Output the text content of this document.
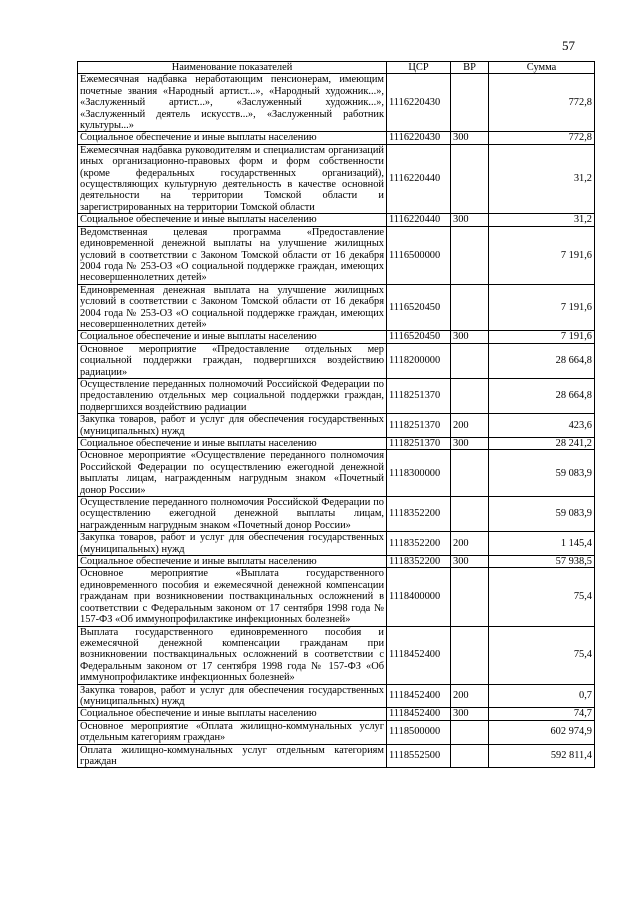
57
Наименование показателей	ЦСР	ВР	Сумма
Ежемесячная надбавка неработающим пенсионерам, имеющим почетные звания «Народный артист...», «Народный художник...», «Заслуженный артист...», «Заслуженный художник...», «Заслуженный деятель искусств...», «Заслуженный работник культуры...»	1116220430		772,8
Социальное обеспечение и иные выплаты населению	1116220430	300	772,8
Ежемесячная надбавка руководителям и специалистам организаций иных организационно-правовых форм и форм собственности (кроме федеральных государственных организаций), осуществляющих культурную деятельность в качестве основной деятельности на территории Томской области и зарегистрированных на территории Томской области	1116220440		31,2
Социальное обеспечение и иные выплаты населению	1116220440	300	31,2
Ведомственная целевая программа «Предоставление единовременной денежной выплаты на улучшение жилищных условий в соответствии с Законом Томской области от 16 декабря 2004 года № 253-ОЗ «О социальной поддержке граждан, имеющих несовершеннолетних детей»	1116500000		7 191,6
Единовременная денежная выплата на улучшение жилищных условий в соответствии с Законом Томской области от 16 декабря 2004 года № 253-ОЗ «О социальной поддержке граждан, имеющих несовершеннолетних детей»	1116520450		7 191,6
Социальное обеспечение и иные выплаты населению	1116520450	300	7 191,6
Основное мероприятие «Предоставление отдельных мер социальной поддержки граждан, подвергшихся воздействию радиации»	1118200000		28 664,8
Осуществление переданных полномочий Российской Федерации по предоставлению отдельных мер социальной поддержки граждан, подвергшихся воздействию радиации	1118251370		28 664,8
Закупка товаров, работ и услуг для обеспечения государственных (муниципальных) нужд	1118251370	200	423,6
Социальное обеспечение и иные выплаты населению	1118251370	300	28 241,2
Основное мероприятие «Осуществление переданного полномочия Российской Федерации по осуществлению ежегодной денежной выплаты лицам, награжденным нагрудным знаком «Почетный донор России»	1118300000		59 083,9
Осуществление переданного полномочия Российской Федерации по осуществлению ежегодной денежной выплаты лицам, награжденным нагрудным знаком «Почетный донор России»	1118352200		59 083,9
Закупка товаров, работ и услуг для обеспечения государственных (муниципальных) нужд	1118352200	200	1 145,4
Социальное обеспечение и иные выплаты населению	1118352200	300	57 938,5
Основное мероприятие «Выплата государственного единовременного пособия и ежемесячной денежной компенсации гражданам при возникновении поствакцинальных осложнений в соответствии с Федеральным законом от 17 сентября 1998 года № 157-ФЗ «Об иммунопрофилактике инфекционных болезней»	1118400000		75,4
Выплата государственного единовременного пособия и ежемесячной денежной компенсации гражданам при возникновении поствакцинальных осложнений в соответствии с Федеральным законом от 17 сентября 1998 года № 157-ФЗ «Об иммунопрофилактике инфекционных болезней»	1118452400		75,4
Закупка товаров, работ и услуг для обеспечения государственных (муниципальных) нужд	1118452400	200	0,7
Социальное обеспечение и иные выплаты населению	1118452400	300	74,7
Основное мероприятие «Оплата жилищно-коммунальных услуг отдельным категориям граждан»	1118500000		602 974,9
Оплата жилищно-коммунальных услуг отдельным категориям граждан	1118552500		592 811,4
